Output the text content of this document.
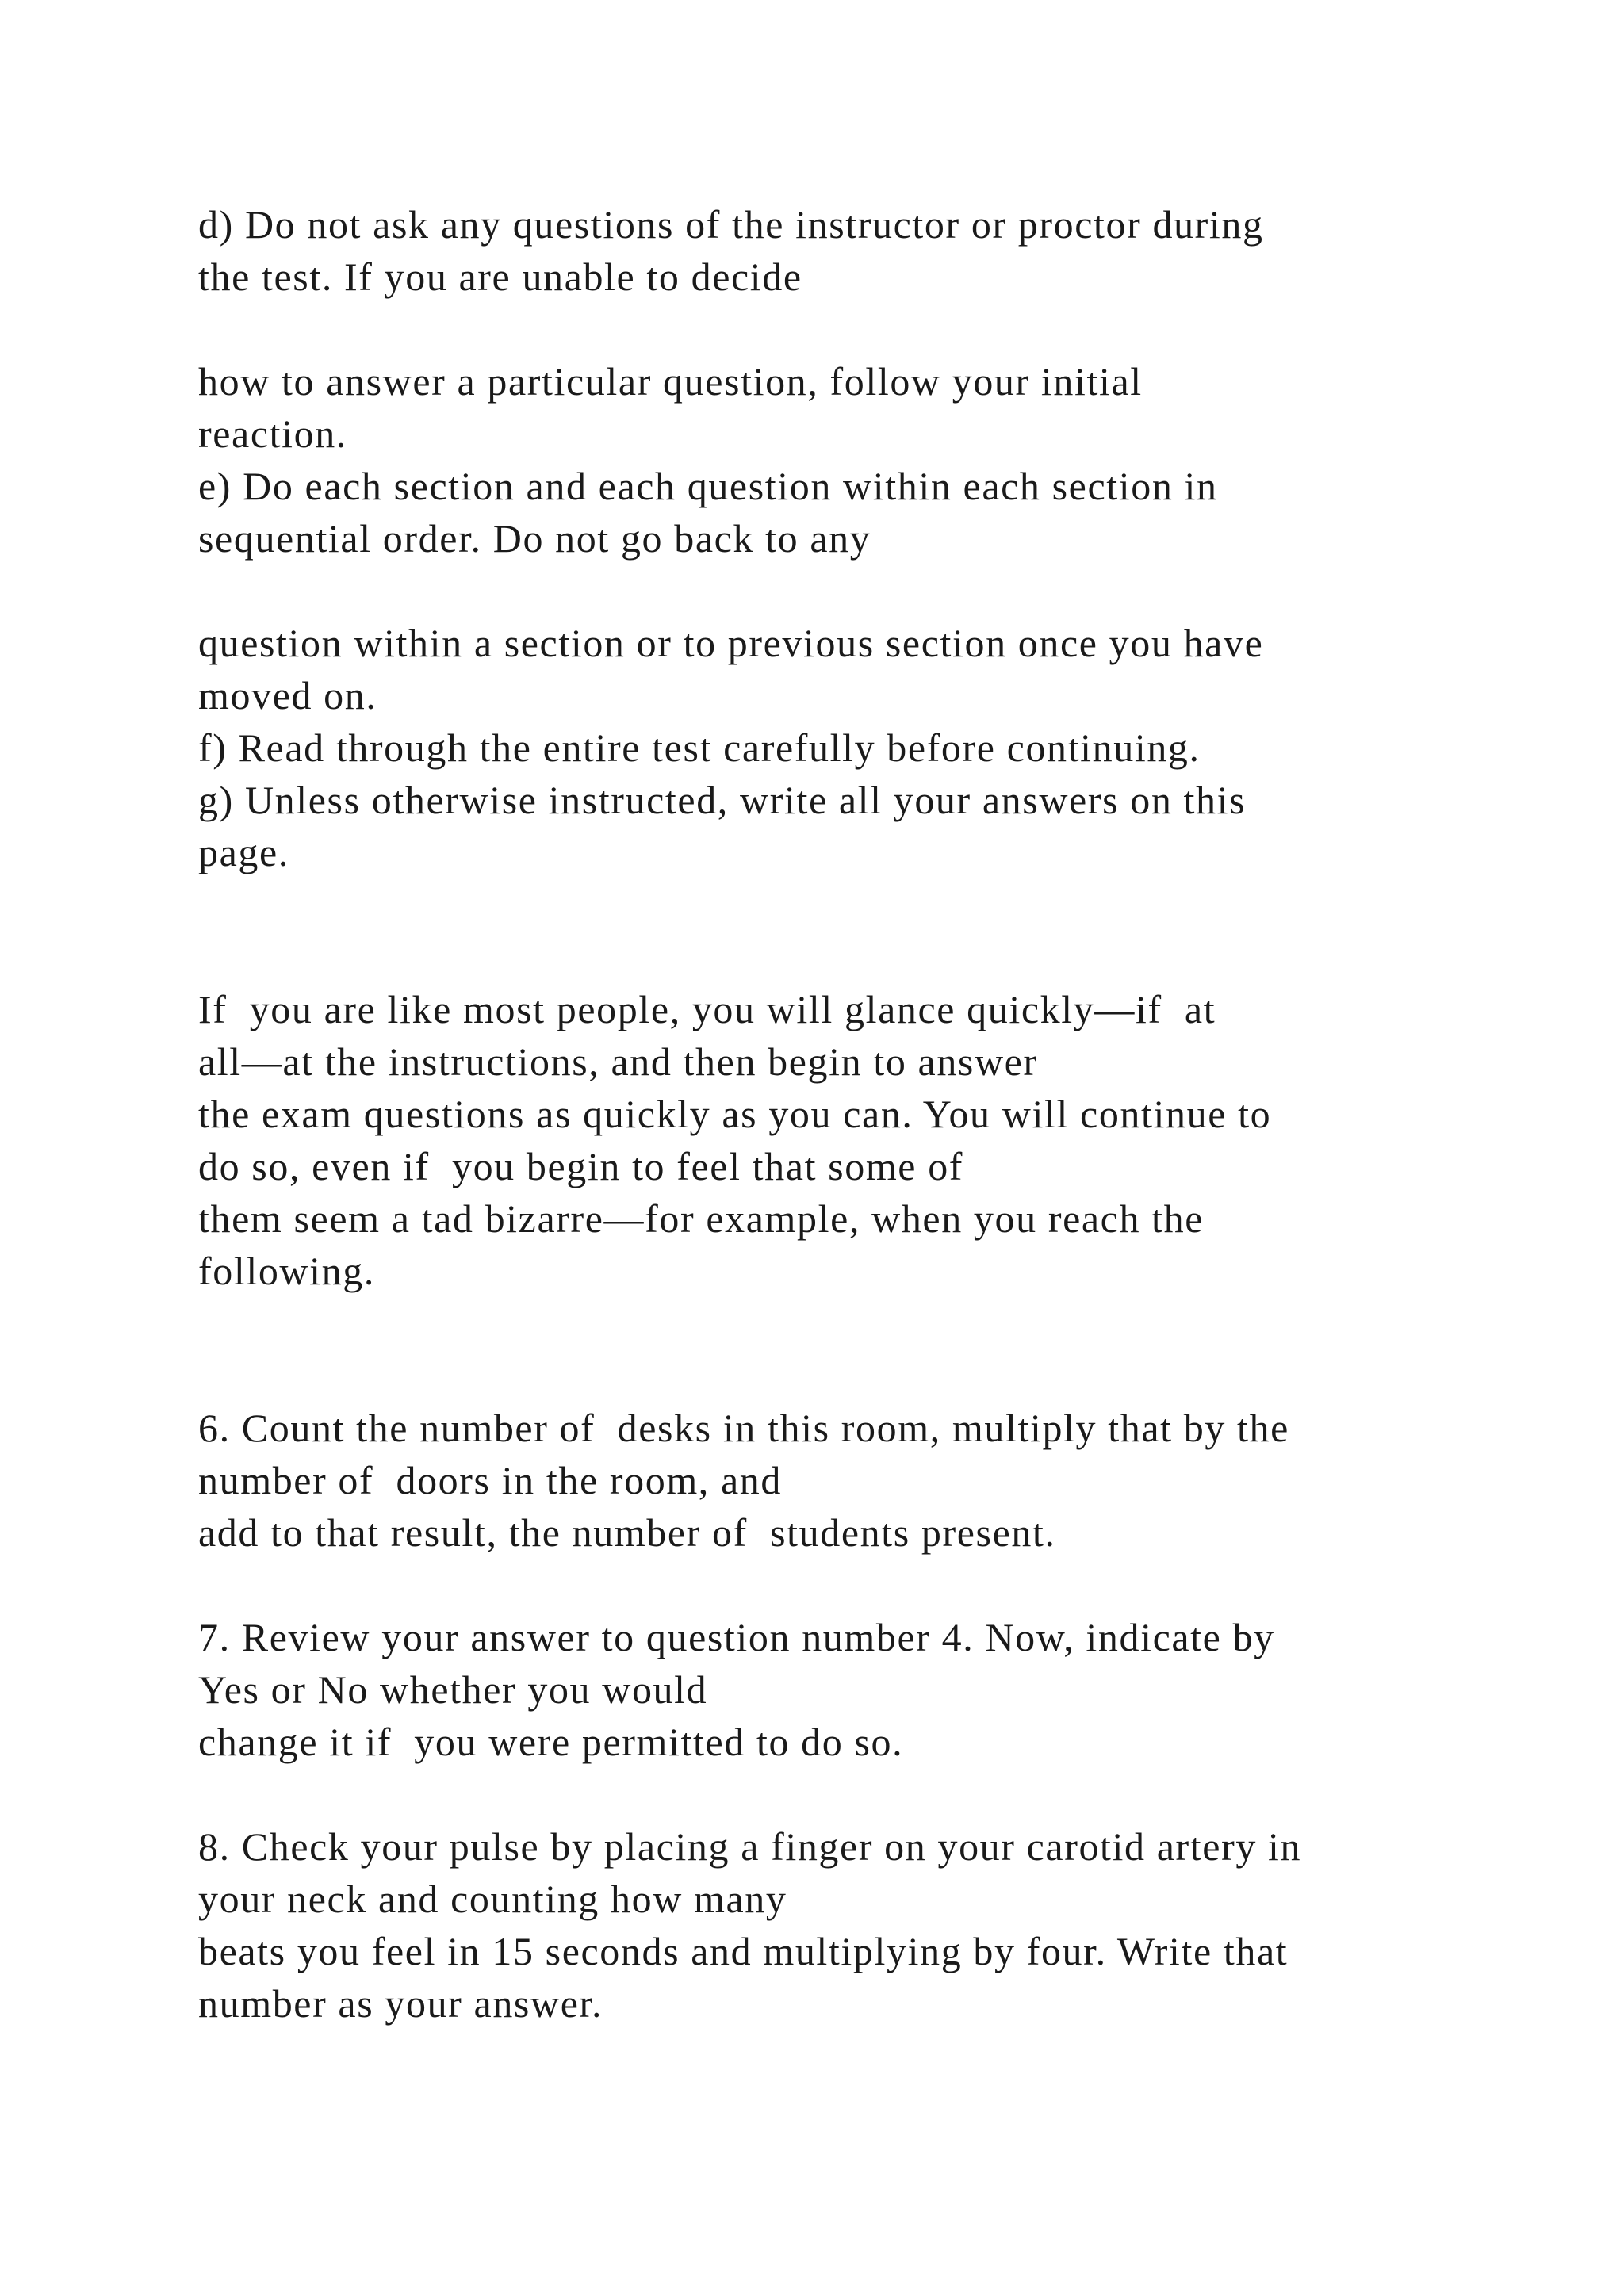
d) Do not ask any questions of the instructor or proctor during

the test. If you are unable to decide

how to answer a particular question, follow your initial

reaction.

e) Do each section and each question within each section in

sequential order. Do not go back to any

question within a section or to previous section once you have

moved on.

f) Read through the entire test carefully before continuing.

g) Unless otherwise instructed, write all your answers on this

page.

If  you are like most people, you will glance quickly—if  at

all—at the instructions, and then begin to answer

the exam questions as quickly as you can. You will continue to

do so, even if  you begin to feel that some of

them seem a tad bizarre—for example, when you reach the

following.

6. Count the number of  desks in this room, multiply that by the

number of  doors in the room, and

add to that result, the number of  students present.

7. Review your answer to question number 4. Now, indicate by

Yes or No whether you would

change it if  you were permitted to do so.

8. Check your pulse by placing a finger on your carotid artery in

your neck and counting how many

beats you feel in 15 seconds and multiplying by four. Write that

number as your answer.
